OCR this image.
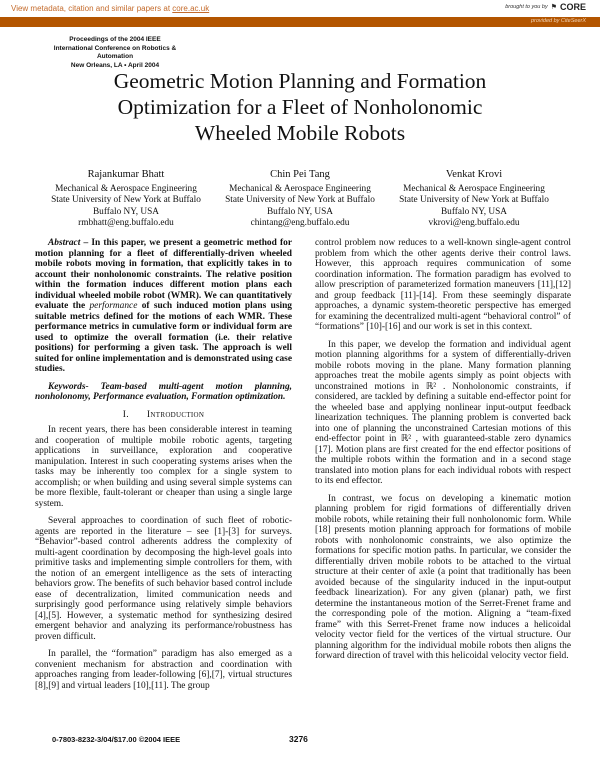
View metadata, citation and similar papers at core.ac.uk	brought to you by ⚑ CORE
provided by CiteSeerX
Proceedings of the 2004 IEEE
International Conference on Robotics & Automation
New Orleans, LA • April 2004
Geometric Motion Planning and Formation
Optimization for a Fleet of Nonholonomic
Wheeled Mobile Robots
Rajankumar Bhatt
Mechanical & Aerospace Engineering
State University of New York at Buffalo
Buffalo NY, USA
rmbhatt@eng.buffalo.edu
Chin Pei Tang
Mechanical & Aerospace Engineering
State University of New York at Buffalo
Buffalo NY, USA
chintang@eng.buffalo.edu
Venkat Krovi
Mechanical & Aerospace Engineering
State University of New York at Buffalo
Buffalo NY, USA
vkrovi@eng.buffalo.edu

Abstract – In this paper, we present a geometric method for motion planning for a fleet of differentially-driven wheeled mobile robots moving in formation, that explicitly takes in to account their nonholonomic constraints. The relative position within the formation induces different motion plans each individual wheeled mobile robot (WMR). We can quantitatively evaluate the performance of such induced motion plans using suitable metrics defined for the motions of each WMR. These performance metrics in cumulative form or individual form are used to optimize the overall formation (i.e. their relative positions) for performing a given task. The approach is well suited for online implementation and is demonstrated using case studies.

Keywords- Team-based multi-agent motion planning, nonholonomy, Performance evaluation, Formation optimization.

I. Introduction

In recent years, there has been considerable interest in teaming and cooperation of multiple mobile robotic agents, targeting applications in surveillance, exploration and cooperative manipulation. Interest in such cooperating systems arises when the tasks may be inherently too complex for a single system to accomplish; or when building and using several simple systems can be more flexible, fault-tolerant or cheaper than using a single large system.

Several approaches to coordination of such fleet of robotic-agents are reported in the literature – see [1]-[3] for surveys. “Behavior”-based control adherents address the complexity of multi-agent coordination by decomposing the high-level goals into primitive tasks and implementing simple controllers for them, with the notion of an emergent intelligence as the sets of interacting behaviors grow. The benefits of such behavior based control include ease of decentralization, limited communication needs and surprisingly good performance using relatively simple behaviors [4],[5]. However, a systematic method for synthesizing desired emergent behavior and analyzing its performance/robustness has proven difficult.

In parallel, the “formation” paradigm has also emerged as a convenient mechanism for abstraction and coordination with approaches ranging from leader-following [6],[7], virtual structures [8],[9] and virtual leaders [10],[11]. The group

control problem now reduces to a well-known single-agent control problem from which the other agents derive their control laws. However, this approach requires communication of some coordination information. The formation paradigm has evolved to allow prescription of parameterized formation maneuvers [11],[12] and group feedback [11]-[14]. From these seemingly disparate approaches, a dynamic system-theoretic perspective has emerged for examining the decentralized multi-agent “behavioral control” of “formations” [10]-[16] and our work is set in this context.

In this paper, we develop the formation and individual agent motion planning algorithms for a system of differentially-driven mobile robots moving in the plane. Many formation planning approaches treat the mobile agents simply as point objects with unconstrained motions in ℝ² . Nonholonomic constraints, if considered, are tackled by defining a suitable end-effector point for the wheeled base and applying nonlinear input-output feedback linearization techniques. The planning problem is converted back into one of planning the unconstrained Cartesian motions of this end-effector point in ℝ² , with guaranteed-stable zero dynamics [17]. Motion plans are first created for the end effector positions of the multiple robots within the formation and in a second stage translated into motion plans for each individual robots with respect to its end effector.

In contrast, we focus on developing a kinematic motion planning problem for rigid formations of differentially driven mobile robots, while retaining their full nonholonomic form. While [18] presents motion planning approach for formations of mobile robots with nonholonomic constraints, we also optimize the formations for specific motion paths. In particular, we consider the differentially driven mobile robots to be attached to the virtual structure at their center of axle (a point that traditionally has been avoided because of the singularity induced in the input-output feedback linearization). For any given (planar) path, we first determine the instantaneous motion of the Serret-Frenet frame and the corresponding pole of the motion. Aligning a “team-fixed frame” with this Serret-Frenet frame now induces a helicoidal velocity vector field for the vertices of the virtual structure. Our planning algorithm for the individual mobile robots then aligns the forward direction of travel with this helicoidal velocity vector field.

0-7803-8232-3/04/$17.00 ©2004 IEEE	3276
